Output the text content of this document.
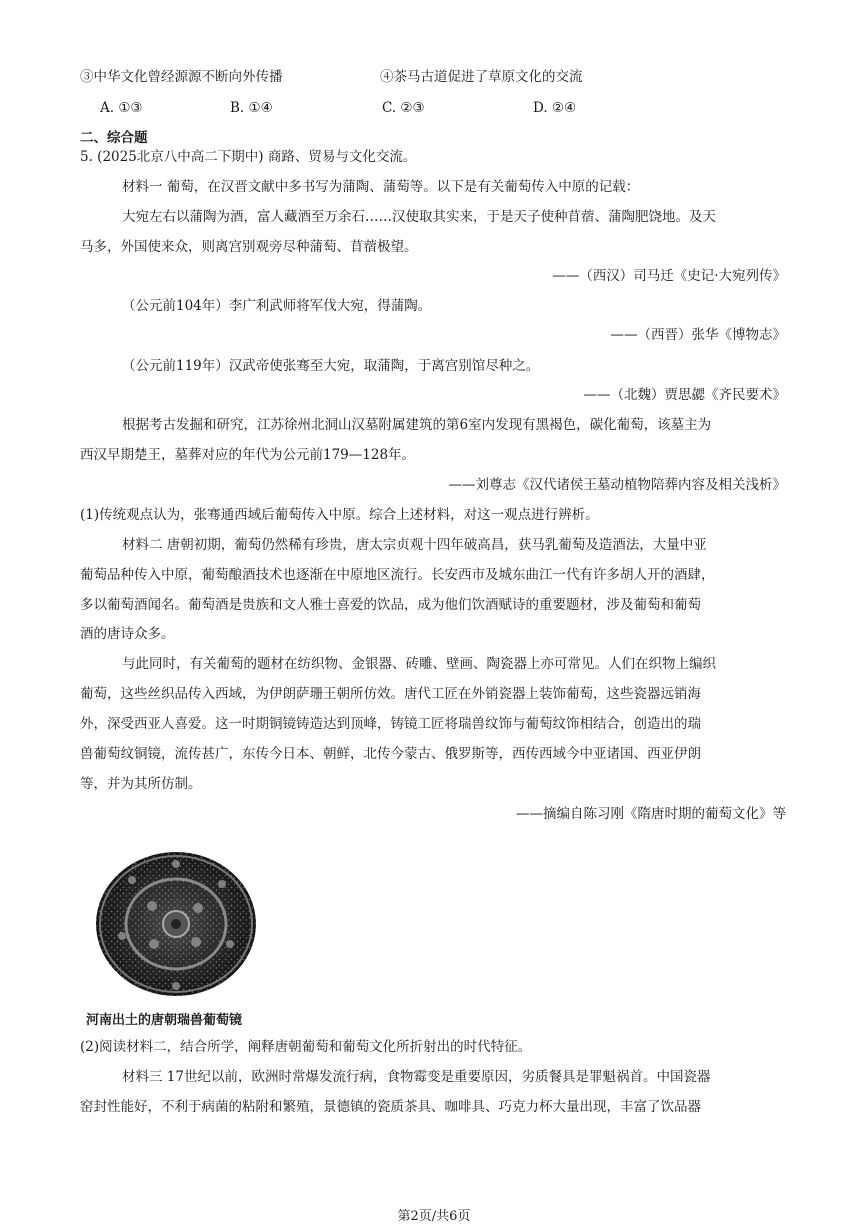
③中华文化曾经源源不断向外传播	④茶马古道促进了草原文化的交流
A. ①③	B. ①④	C. ②③	D. ②④
二、综合题
5. (2025北京八中高二下期中) 商路、贸易与文化交流。
材料一 葡萄，在汉晋文献中多书写为蒲陶、蒲萄等。以下是有关葡萄传入中原的记载：
大宛左右以蒲陶为酒，富人藏酒至万余石……汉使取其实来，于是天子使种苜蓿、蒲陶肥饶地。及天
马多，外国使来众，则离宫别观旁尽种蒲萄、苜蓿极望。
——（西汉）司马迁《史记·大宛列传》
（公元前104年）李广利武师将军伐大宛，得蒲陶。
——（西晋）张华《博物志》
（公元前119年）汉武帝使张骞至大宛，取蒲陶，于离宫别馆尽种之。
——（北魏）贾思勰《齐民要术》
根据考古发掘和研究，江苏徐州北洞山汉墓附属建筑的第6室内发现有黑褐色，碳化葡萄，该墓主为
西汉早期楚王，墓葬对应的年代为公元前179—128年。
——刘尊志《汉代诸侯王墓动植物陪葬内容及相关浅析》
(1)传统观点认为，张骞通西域后葡萄传入中原。综合上述材料，对这一观点进行辨析。
材料二 唐朝初期，葡萄仍然稀有珍贵，唐太宗贞观十四年破高昌，获马乳葡萄及造酒法，大量中亚
葡萄品种传入中原，葡萄酿酒技术也逐渐在中原地区流行。长安西市及城东曲江一代有许多胡人开的酒肆，
多以葡萄酒闻名。葡萄酒是贵族和文人雅士喜爱的饮品，成为他们饮酒赋诗的重要题材，涉及葡萄和葡萄
酒的唐诗众多。
与此同时，有关葡萄的题材在纺织物、金银器、砖雕、壁画、陶瓷器上亦可常见。人们在织物上编织
葡萄，这些丝织品传入西域，为伊朗萨珊王朝所仿效。唐代工匠在外销瓷器上装饰葡萄，这些瓷器远销海
外，深受西亚人喜爱。这一时期铜镜铸造达到顶峰，铸镜工匠将瑞兽纹饰与葡萄纹饰相结合，创造出的瑞
兽葡萄纹铜镜，流传甚广，东传今日本、朝鲜，北传今蒙古、俄罗斯等，西传西域今中亚诸国、西亚伊朗
等，并为其所仿制。
——摘编自陈习刚《隋唐时期的葡萄文化》等
河南出土的唐朝瑞兽葡萄镜
(2)阅读材料二，结合所学，阐释唐朝葡萄和葡萄文化所折射出的时代特征。
材料三 17世纪以前，欧洲时常爆发流行病，食物霉变是重要原因，劣质餐具是罪魁祸首。中国瓷器
窑封性能好，不利于病菌的粘附和繁殖，景德镇的瓷质茶具、咖啡具、巧克力杯大量出现，丰富了饮品器
第2页/共6页
